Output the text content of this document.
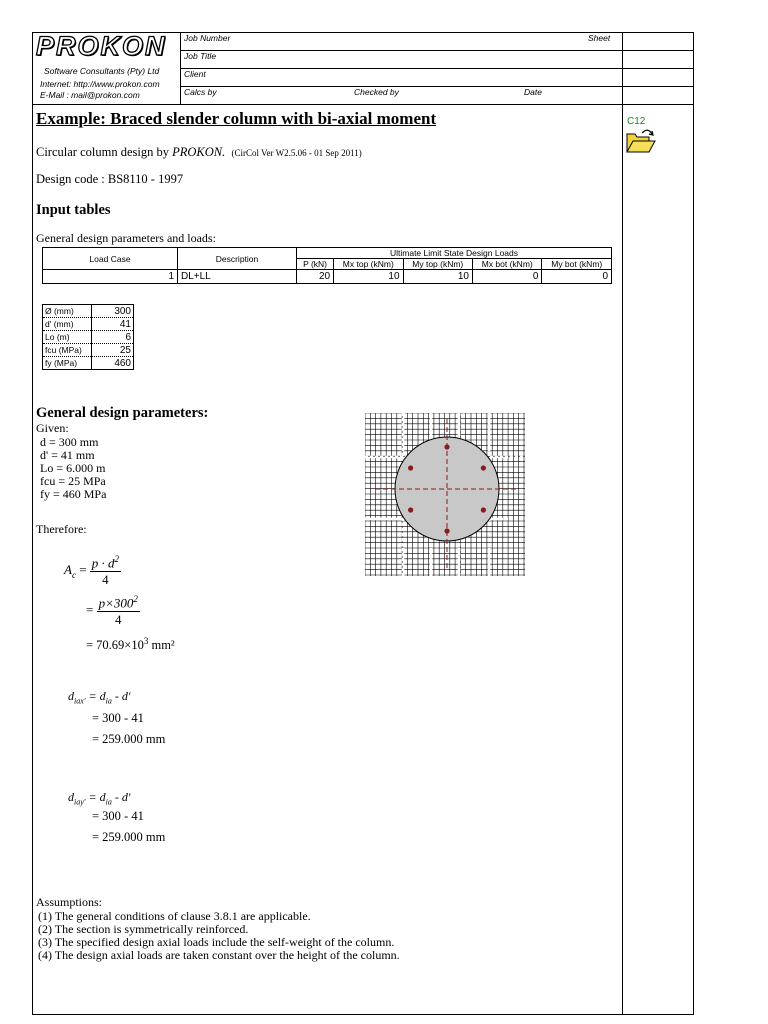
PROKON
Software Consultants (Pty) Ltd
Internet: http://www.prokon.com
E-Mail : mail@prokon.com
Job Number	Sheet
Job Title
Client
Calcs by	Checked by	Date
C12
Example: Braced slender column with bi-axial moment
Circular column design by PROKON. (CirCol Ver W2.5.06 - 01 Sep 2011)
Design code : BS8110 - 1997
Input tables
General design parameters and loads:
Load Case	Description	Ultimate Limit State Design Loads				
		P (kN)	Mx top (kNm)	My top (kNm)	Mx bot (kNm)	My bot (kNm)
1	DL+LL	20	10	10	0	0
Ø (mm)	300
d' (mm)	41
Lo (m)	6
fcu (MPa)	25
fy (MPa)	460
General design parameters:
Given:
d = 300 mm
d' = 41 mm
Lo = 6.000 m
fcu = 25 MPa
fy = 460 MPa
Therefore:
$A_c = \frac{p \cdot d^2}{4}$
= $\frac{p\times 300^2}{4}$
= $70.69\times 10^3$ mm²
$d_{iax'} = d_{ia} - d'$
= 300 - 41
= 259.000 mm
$d_{iay'} = d_{ia} - d'$
= 300 - 41
= 259.000 mm
Assumptions:
(1) The general conditions of clause 3.8.1 are applicable.
(2) The section is symmetrically reinforced.
(3) The specified design axial loads include the self-weight of the column.
(4) The design axial loads are taken constant over the height of the column.
